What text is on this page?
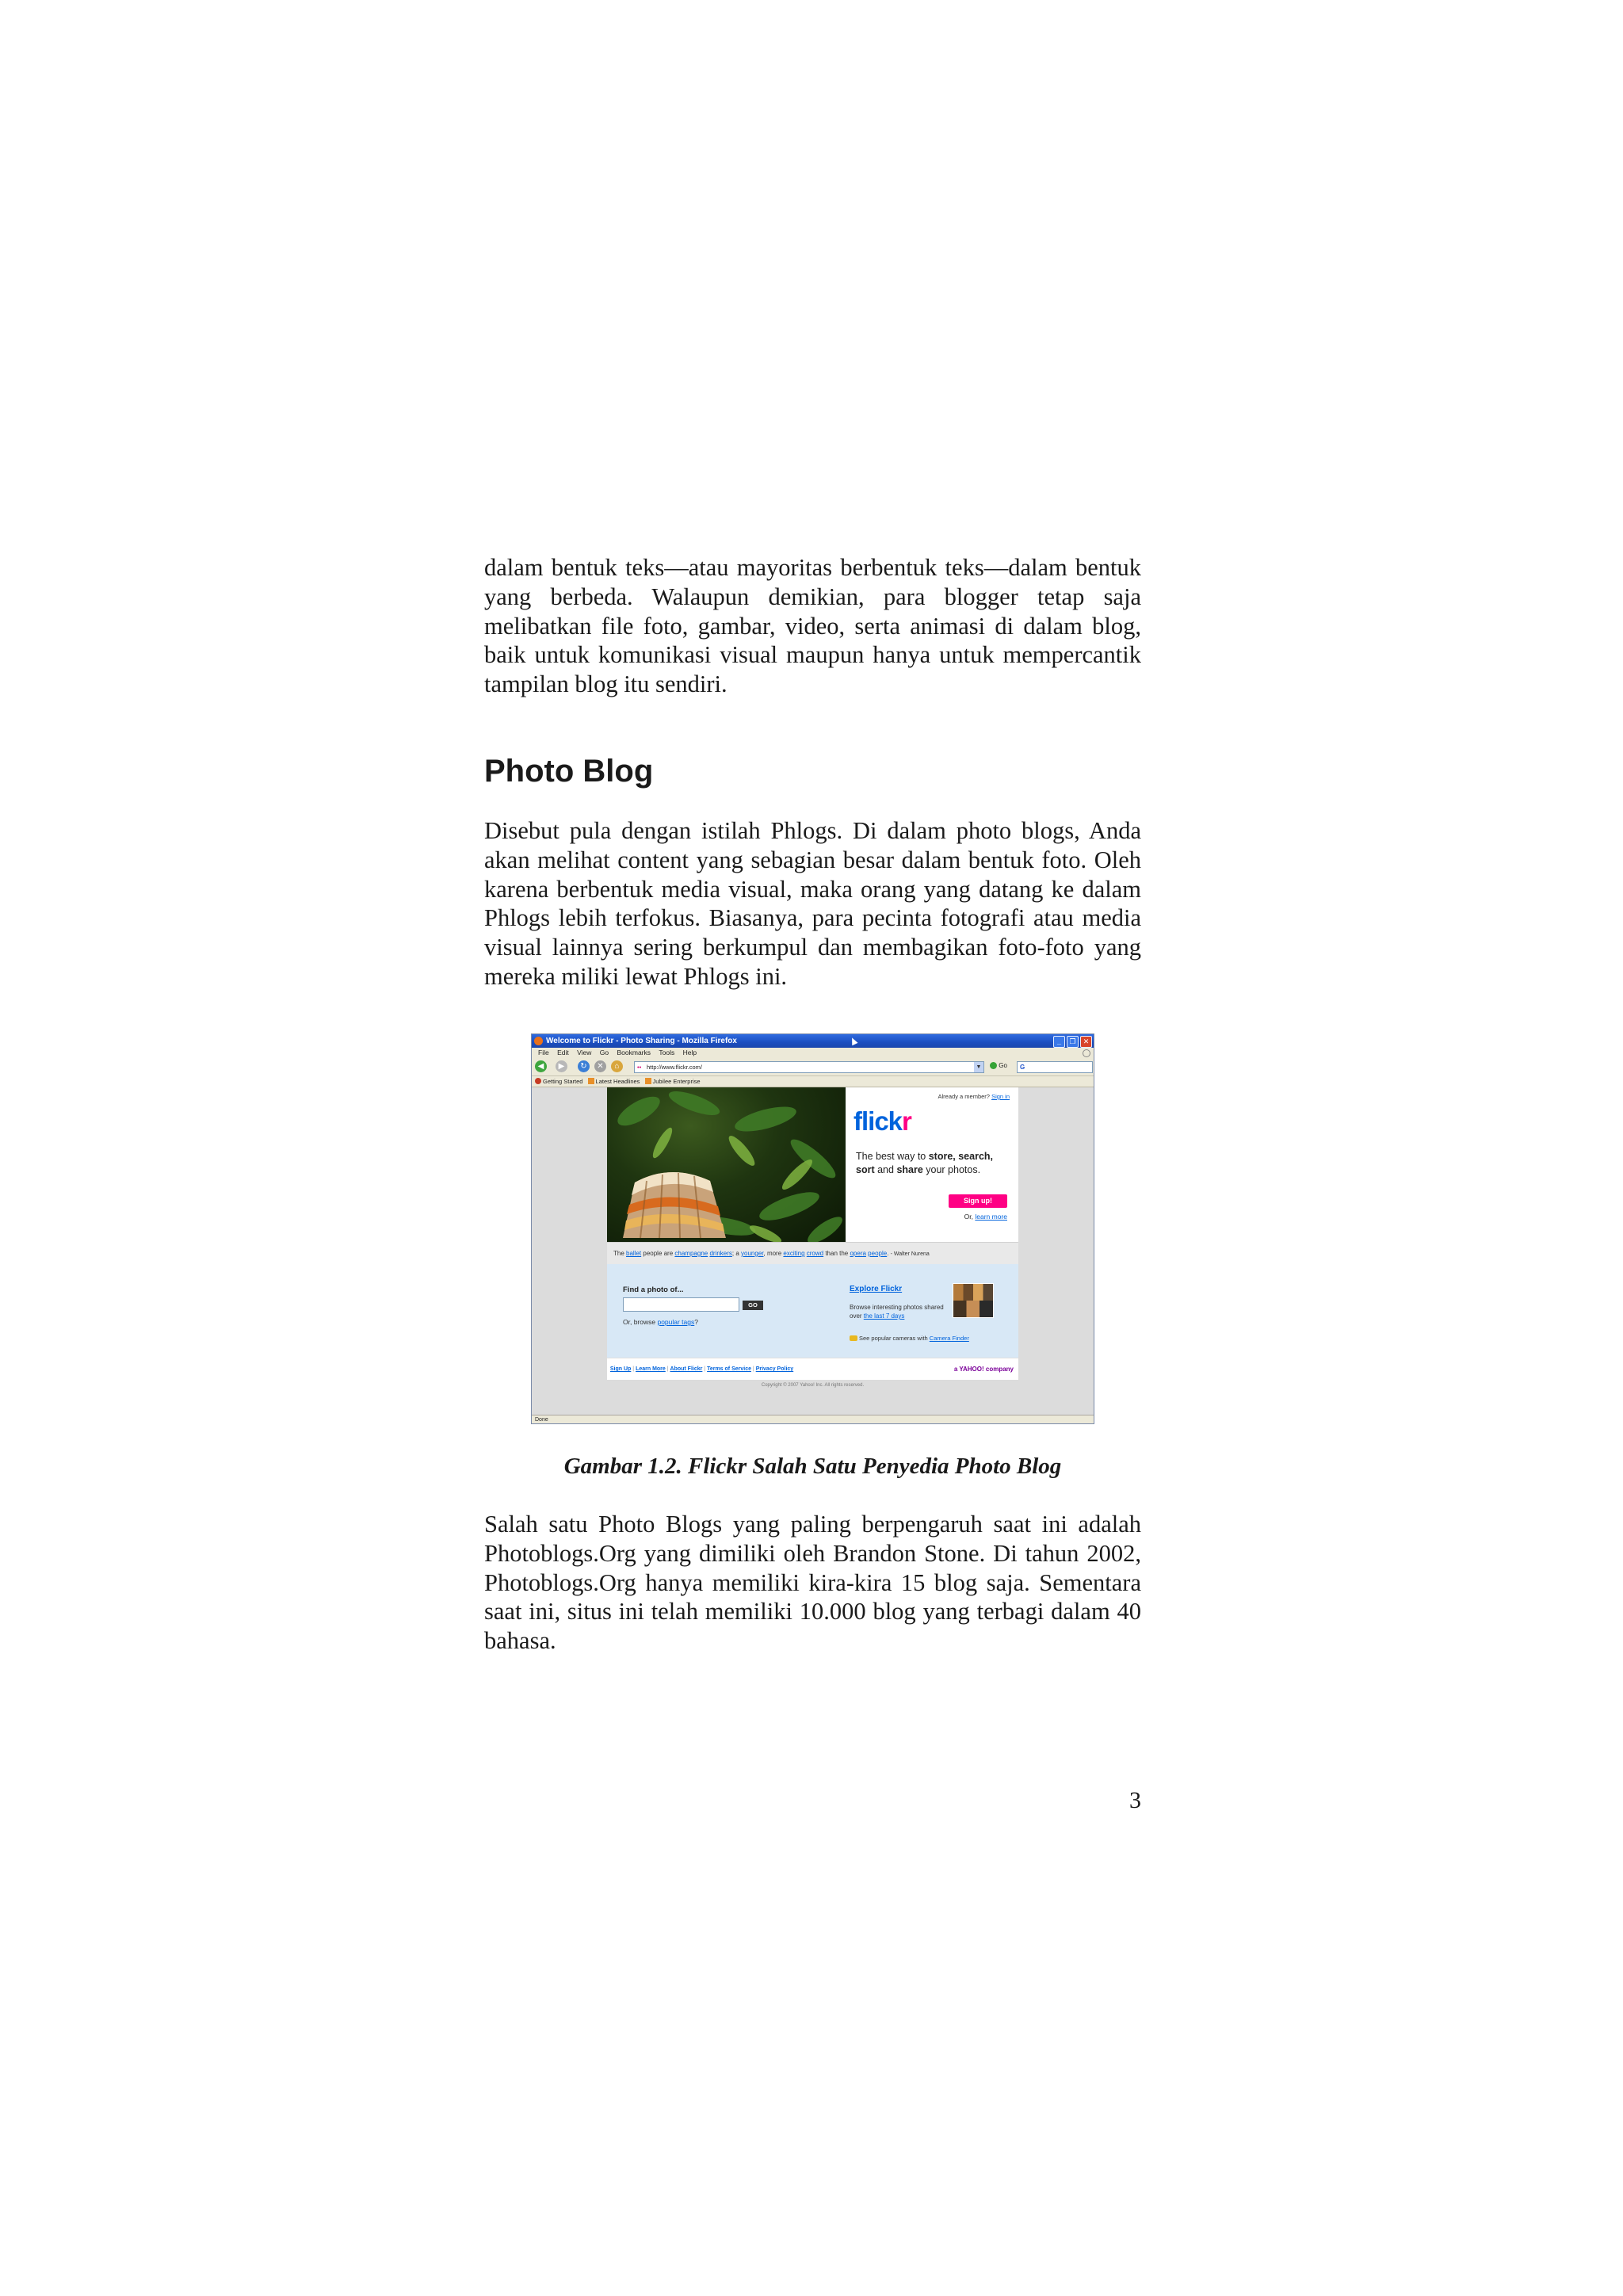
dalam bentuk teks—atau mayoritas berbentuk teks—dalam bentuk yang berbeda. Walaupun demikian, para blogger tetap saja melibatkan file foto, gambar, video, serta animasi di dalam blog, baik untuk komunikasi visual maupun hanya untuk mempercantik tampilan blog itu sendiri.

Photo Blog

Disebut pula dengan istilah Phlogs. Di dalam photo blogs, Anda akan melihat content yang sebagian besar dalam bentuk foto. Oleh karena berbentuk media visual, maka orang yang datang ke dalam Phlogs lebih terfokus. Biasanya, para pecinta fotografi atau media visual lainnya sering berkumpul dan membagikan foto-foto yang mereka miliki lewat Phlogs ini.

Welcome to Flickr - Photo Sharing - Mozilla Firefox	_ ❐ ✕
File Edit View Go Bookmarks Tools Help
◀	▶	↻	✕	⌂	•• http://www.flickr.com/	▼	Go	G
Getting Started Latest Headlines Jubilee Enterprise
Already a member? Sign in
flickr
The best way to store, search, sort and share your photos.
Sign up!
Or, learn more
The ballet people are champagne drinkers; a younger, more exciting crowd than the opera people. - Walter Nurena
Find a photo of...
GO
Or, browse popular tags?
Explore Flickr
Browse interesting photos shared over the last 7 days
See popular cameras with Camera Finder
Sign Up | Learn More | About Flickr | Terms of Service | Privacy Policy	a YAHOO! company
Copyright © 2007 Yahoo! Inc. All rights reserved.
Done

Gambar 1.2. Flickr Salah Satu Penyedia Photo Blog

Salah satu Photo Blogs yang paling berpengaruh saat ini adalah Photoblogs.Org yang dimiliki oleh Brandon Stone. Di tahun 2002, Photoblogs.Org hanya memiliki kira-kira 15 blog saja. Sementara saat ini, situs ini telah memiliki 10.000 blog yang terbagi dalam 40 bahasa.

3
